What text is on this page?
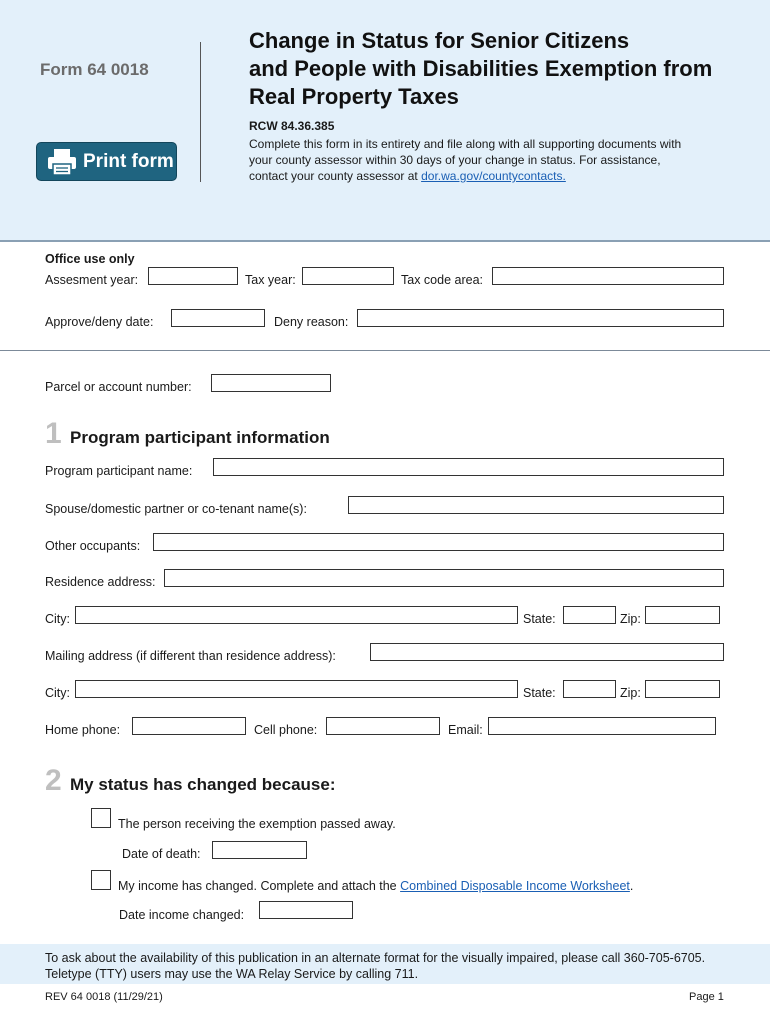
Form 64 0018
Print form
Change in Status for Senior Citizens
and People with Disabilities Exemption from
Real Property Taxes
RCW 84.36.385
Complete this form in its entirety and file along with all supporting documents with your county assessor within 30 days of your change in status. For assistance, contact your county assessor at dor.wa.gov/countycontacts.
Office use only
Assesment year:	Tax year:	Tax code area:
Approve/deny date:	Deny reason:
Parcel or account number:
1 Program participant information
Program participant name:
Spouse/domestic partner or co-tenant name(s):
Other occupants:
Residence address:
City:	State:	Zip:
Mailing address (if different than residence address):
City:	State:	Zip:
Home phone:	Cell phone:	Email:
2 My status has changed because:
The person receiving the exemption passed away.
Date of death:
My income has changed. Complete and attach the Combined Disposable Income Worksheet.
Date income changed:
To ask about the availability of this publication in an alternate format for the visually impaired, please call 360-705-6705. Teletype (TTY) users may use the WA Relay Service by calling 711.
REV 64 0018 (11/29/21)	Page 1
